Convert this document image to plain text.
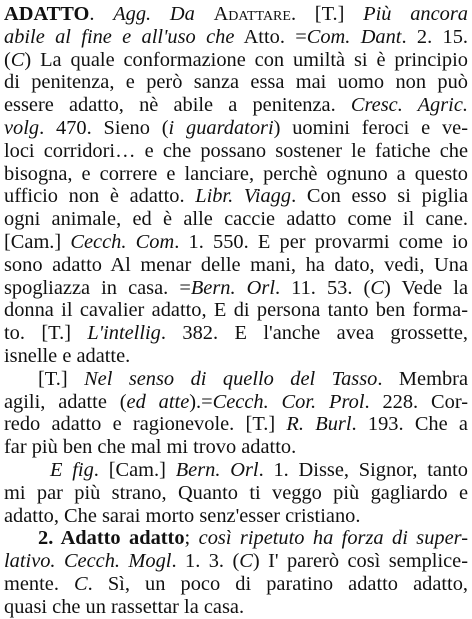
ADATTO. Agg. Da Adattare. [T.] Più ancora
abile al fine e all'uso che Atto. =Com. Dant. 2. 15.
(C) La quale conformazione con umiltà si è principio
di penitenza, e però sanza essa mai uomo non può
essere adatto, nè abile a penitenza. Cresc. Agric.
volg. 470. Sieno (i guardatori) uomini feroci e ve-
loci corridori… e che possano sostener le fatiche che
bisogna, e correre e lanciare, perchè ognuno a questo
ufficio non è adatto. Libr. Viagg. Con esso si piglia
ogni animale, ed è alle caccie adatto come il cane.
[Cam.] Cecch. Com. 1. 550. E per provarmi come io
sono adatto Al menar delle mani, ha dato, vedi, Una
spogliazza in casa. =Bern. Orl. 11. 53. (C) Vede la
donna il cavalier adatto, E di persona tanto ben forma-
to. [T.] L'intellig. 382. E l'anche avea grossette,
isnelle e adatte.
[T.] Nel senso di quello del Tasso. Membra
agili, adatte (ed atte).=Cecch. Cor. Prol. 228. Cor-
redo adatto e ragionevole. [T.] R. Burl. 193. Che a
far più ben che mal mi trovo adatto.
E fig. [Cam.] Bern. Orl. 1. Disse, Signor, tanto
mi par più strano, Quanto ti veggo più gagliardo e
adatto, Che sarai morto senz'esser cristiano.
2. Adatto adatto; così ripetuto ha forza di super-
lativo. Cecch. Mogl. 1. 3. (C) I' parerò così semplice-
mente. C. Sì, un poco di paratino adatto adatto,
quasi che un rassettar la casa.
